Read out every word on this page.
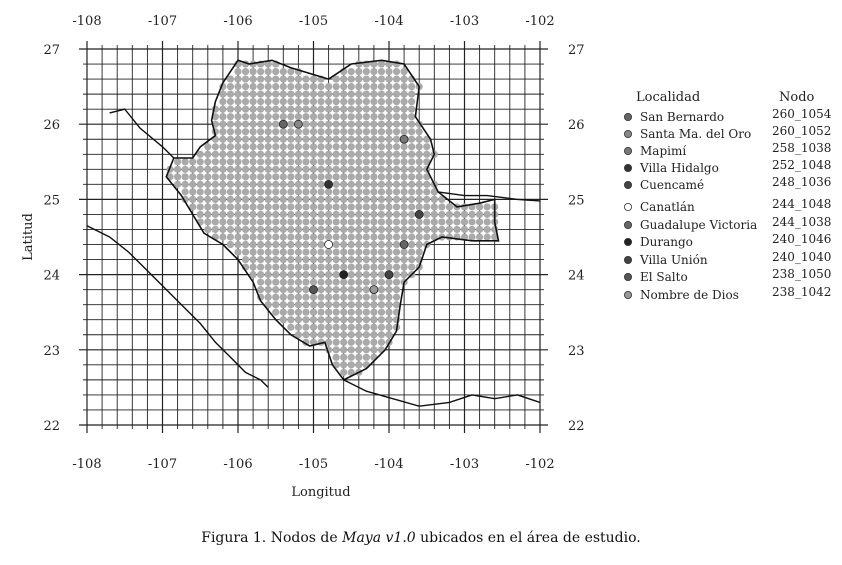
-108
-108
-107
-107
-106
-106
-105
-105
-104
-104
-103
-103
-102
-102
22	22
23	23
24	24
25	25
26	26
27	27
Longitud
Latitud
Localidad	Nodo
San Bernardo	260_1054
Santa Ma. del Oro 260_1052
Mapimí	258_1038
Villa Hidalgo	252_1048
Cuencamé	248_1036
Canatlán	244_1048
Guadalupe Victoria 244_1038
Durango	240_1046
Villa Unión	240_1040
El Salto	238_1050
Nombre de Dios	238_1042
Figura 1. Nodos de Maya v1.0 ubicados en el área de estudio.
